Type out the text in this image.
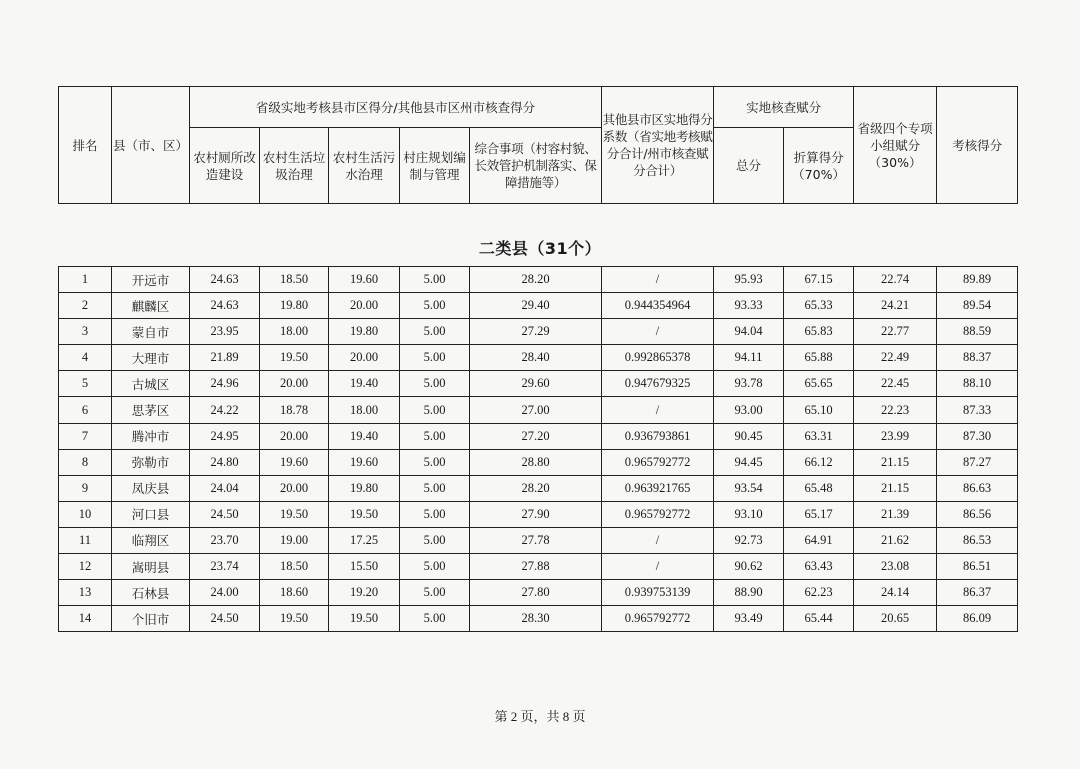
排名	县（市、区）	省级实地考核县市区得分/其他县市区州市核查得分					其他县市区实地得分系数（省实地考核赋分合计/州市核查赋分合计）	实地核查赋分		省级四个专项小组赋分（30%）	考核得分
		农村厕所改造建设	农村生活垃圾治理	农村生活污水治理	村庄规划编制与管理	综合事项（村容村貌、长效管护机制落实、保障措施等）		总分	折算得分（70%）		
二类县（31个）
1	开远市	24.63	18.50	19.60	5.00	28.20	/	95.93	67.15	22.74	89.89
2	麒麟区	24.63	19.80	20.00	5.00	29.40	0.944354964	93.33	65.33	24.21	89.54
3	蒙自市	23.95	18.00	19.80	5.00	27.29	/	94.04	65.83	22.77	88.59
4	大理市	21.89	19.50	20.00	5.00	28.40	0.992865378	94.11	65.88	22.49	88.37
5	古城区	24.96	20.00	19.40	5.00	29.60	0.947679325	93.78	65.65	22.45	88.10
6	思茅区	24.22	18.78	18.00	5.00	27.00	/	93.00	65.10	22.23	87.33
7	腾冲市	24.95	20.00	19.40	5.00	27.20	0.936793861	90.45	63.31	23.99	87.30
8	弥勒市	24.80	19.60	19.60	5.00	28.80	0.965792772	94.45	66.12	21.15	87.27
9	凤庆县	24.04	20.00	19.80	5.00	28.20	0.963921765	93.54	65.48	21.15	86.63
10	河口县	24.50	19.50	19.50	5.00	27.90	0.965792772	93.10	65.17	21.39	86.56
11	临翔区	23.70	19.00	17.25	5.00	27.78	/	92.73	64.91	21.62	86.53
12	嵩明县	23.74	18.50	15.50	5.00	27.88	/	90.62	63.43	23.08	86.51
13	石林县	24.00	18.60	19.20	5.00	27.80	0.939753139	88.90	62.23	24.14	86.37
14	个旧市	24.50	19.50	19.50	5.00	28.30	0.965792772	93.49	65.44	20.65	86.09
第 2 页，共 8 页
